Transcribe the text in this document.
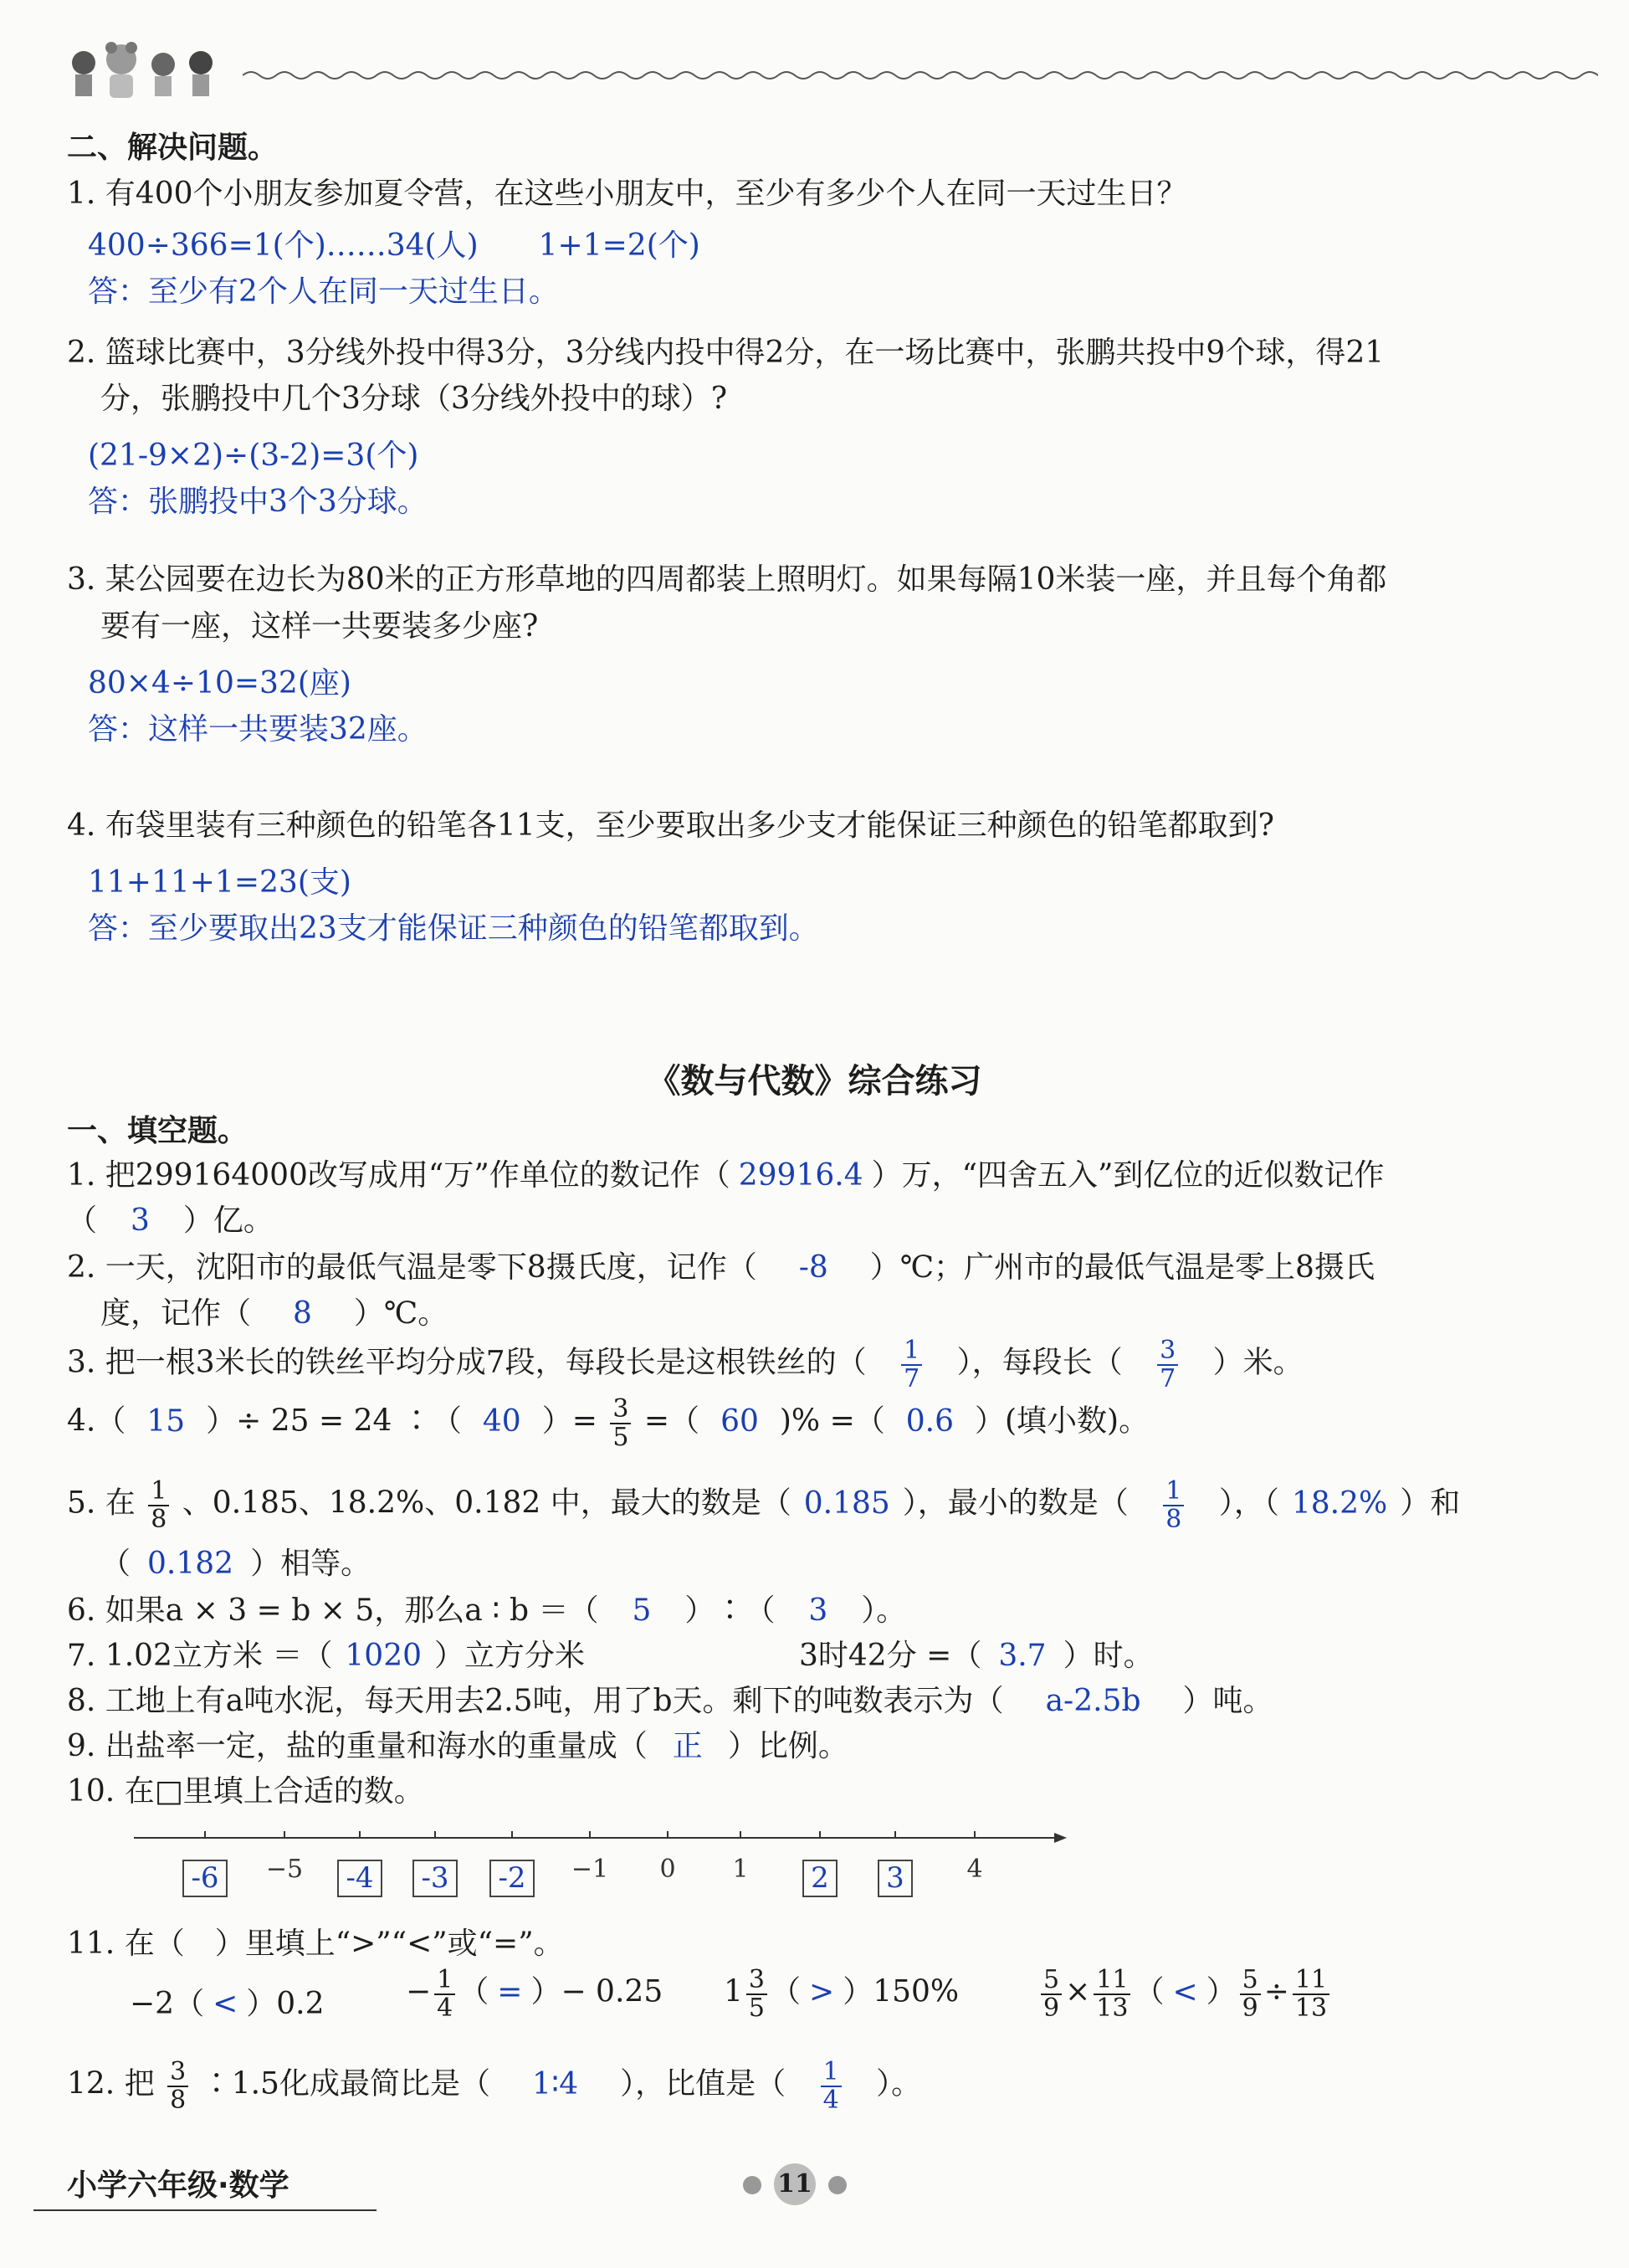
二、解决问题。
1. 有400个小朋友参加夏令营，在这些小朋友中，至少有多少个人在同一天过生日？
400÷366=1(个)……34(人)　　1+1=2(个)
答：至少有2个人在同一天过生日。
2. 篮球比赛中，3分线外投中得3分，3分线内投中得2分，在一场比赛中，张鹏共投中9个球，得21
分，张鹏投中几个3分球（3分线外投中的球）?
(21-9×2)÷(3-2)=3(个)
答：张鹏投中3个3分球。
3. 某公园要在边长为80米的正方形草地的四周都装上照明灯。如果每隔10米装一座，并且每个角都
要有一座，这样一共要装多少座?
80×4÷10=32(座)
答：这样一共要装32座。
4. 布袋里装有三种颜色的铅笔各11支，至少要取出多少支才能保证三种颜色的铅笔都取到?
11+11+1=23(支)
答：至少要取出23支才能保证三种颜色的铅笔都取到。
《数与代数》综合练习
一、填空题。
1. 把299164000改写成用“万”作单位的数记作（ 29916.4 ）万，“四舍五入”到亿位的近似数记作
（ 3 ）亿。
2. 一天，沈阳市的最低气温是零下8摄氏度，记作（ -8 ）℃；广州市的最低气温是零上8摄氏
度，记作（ 8 ）℃。
3. 把一根3米长的铁丝平均分成7段，每段长是这根铁丝的（ $\frac{1}{7}$ ），每段长（ $\frac{3}{7}$ ）米。
4.（ 15 ）÷ 25 = 24 ∶（ 40 ）= $\frac{3}{5}$ =（ 60 )% =（ 0.6 ）(填小数)。
5. 在 $\frac{1}{8}$ 、0.185、18.2%、0.182 中，最大的数是（ 0.185 ），最小的数是（ $\frac{1}{8}$ ），（ 18.2% ）和
（ 0.182 ）相等。
6. 如果a × 3 = b × 5，那么a ∶ b ＝（ 5 ）∶（ 3 ）。
7. 1.02立方米 ＝（ 1020 ）立方分米	3时42分 =（ 3.7 ）时。
8. 工地上有a吨水泥，每天用去2.5吨，用了b天。剩下的吨数表示为（ a-2.5b ）吨。
9. 出盐率一定，盐的重量和海水的重量成（ 正 ）比例。
10. 在□里填上合适的数。
-6	−5	-4	-3	-2	−1	0	1	2	3	4
11. 在（　）里填上“>”“<”或“=”。
−2（ < ）0.2	− $\frac{1}{4}$ （ = ）− 0.25 $1 \frac{3}{5}$ （ > ）150%	$\frac{5}{9} \times \frac{11}{13}$ （ < ） $\frac{5}{9} \div \frac{11}{13}$
12. 把 $\frac{3}{8}$ ∶1.5化成最简比是（ 1∶4 ），比值是（ $\frac{1}{4}$ ）。
小学六年级·数学	11
